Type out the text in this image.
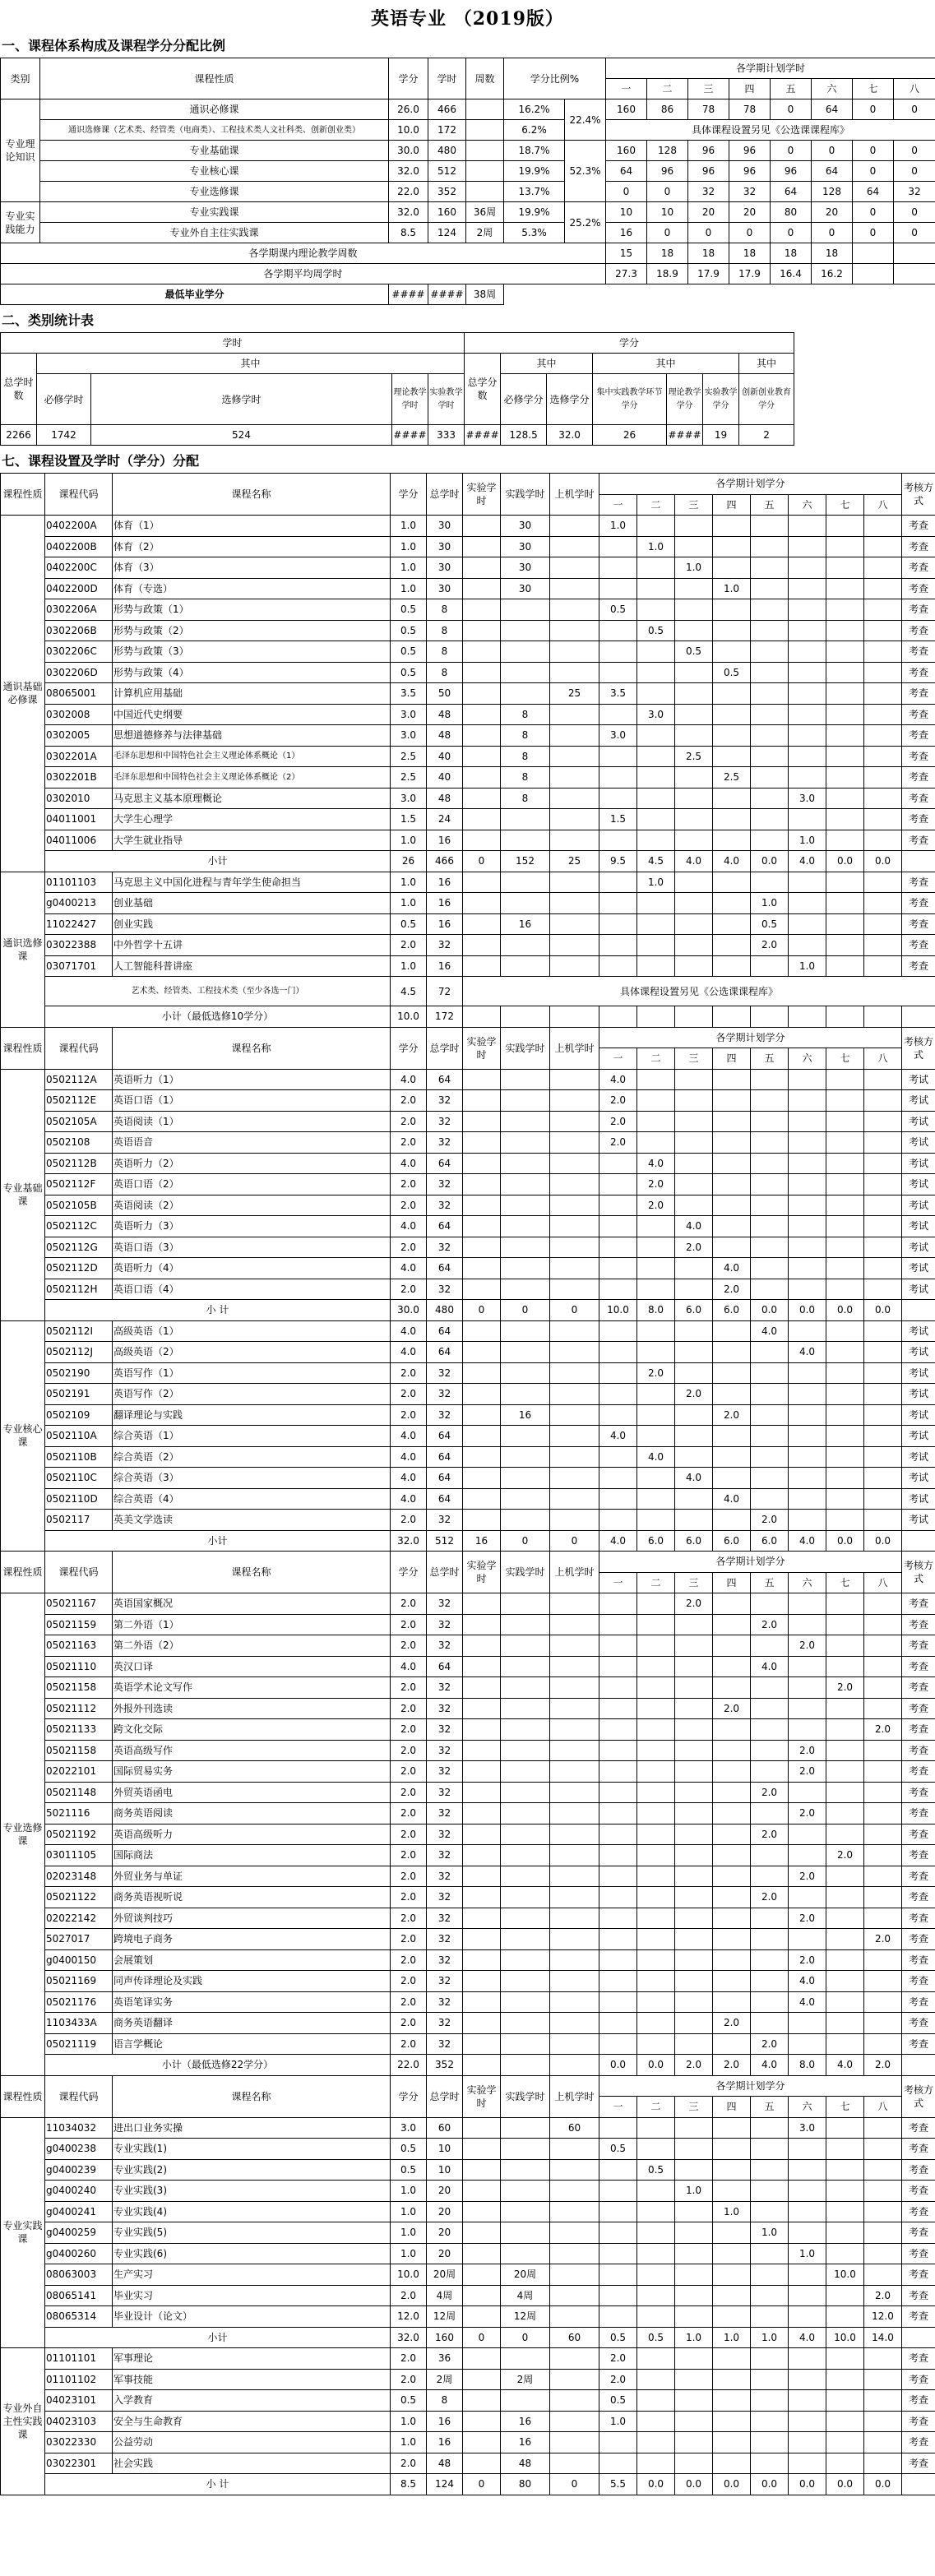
英语专业 （2019版）
一、课程体系构成及课程学分分配比例
类别	课程性质	学分	学时	周数	学分比例%		各学期计划学时							
							一	二	三	四	五	六	七	八
专业理论知识	通识必修课	26.0	466		16.2%	22.4%	160	86	78	78	0	64	0	0
	通识选修课（艺术类、经管类（电商类）、工程技术类人文社科类、创新创业类）	10.0	172		6.2%		具体课程设置另见《公选课课程库》							
	专业基础课	30.0	480		18.7%	52.3%	160	128	96	96	0	0	0	0
	专业核心课	32.0	512		19.9%		64	96	96	96	96	64	0	0
	专业选修课	22.0	352		13.7%		0	0	32	32	64	128	64	32
专业实践能力	专业实践课	32.0	160	36周	19.9%	25.2%	10	10	20	20	80	20	0	0
	专业外自主往实践课	8.5	124	2周	5.3%		16	0	0	0	0	0	0	0
各学期课内理论教学周数							15	18	18	18	18	18		
各学期平均周学时							27.3	18.9	17.9	17.9	16.4	16.2		
最低毕业学分		####	####	38周										
二、类别统计表
学时					学分						
总学时数	其中				总学分数	其中		其中			其中
	必修学时	选修学时	理论教学学时	实验教学学时		必修学分	选修学分	集中实践教学环节学分	理论教学学分	实验教学学分	创新创业教育学分
2266	1742	524	####	333	####	128.5	32.0	26	####	19	2
七、课程设置及学时（学分）分配
课程性质	课程代码	课程名称	学分	总学时	实验学时	实践学时	上机学时	各学期计划学分								考核方式
								一	二	三	四	五	六	七	八	
通识基础必修课	0402200A	体育（1）	1.0	30		30		1.0								考查
	0402200B	体育（2）	1.0	30		30			1.0							考查
	0402200C	体育（3）	1.0	30		30				1.0						考查
	0402200D	体育（专选）	1.0	30		30					1.0					考查
	0302206A	形势与政策（1）	0.5	8				0.5								考查
	0302206B	形势与政策（2）	0.5	8					0.5							考查
	0302206C	形势与政策（3）	0.5	8						0.5						考查
	0302206D	形势与政策（4）	0.5	8							0.5					考查
	08065001	计算机应用基础	3.5	50			25	3.5								考查
	0302008	中国近代史纲要	3.0	48		8			3.0							考查
	0302005	思想道德修养与法律基础	3.0	48		8		3.0								考查
	0302201A	毛泽东思想和中国特色社会主义理论体系概论（1）	2.5	40		8				2.5						考查
	0302201B	毛泽东思想和中国特色社会主义理论体系概论（2）	2.5	40		8					2.5					考查
	0302010	马克思主义基本原理概论	3.0	48		8							3.0			考查
	04011001	大学生心理学	1.5	24				1.5								考查
	04011006	大学生就业指导	1.0	16									1.0			考查
	小计		26	466	0	152	25	9.5	4.5	4.0	4.0	0.0	4.0	0.0	0.0	
通识选修课	01101103	马克思主义中国化进程与青年学生使命担当	1.0	16					1.0							考查
	g0400213	创业基础	1.0	16								1.0				考查
	11022427	创业实践	0.5	16		16						0.5				考查
	03022388	中外哲学十五讲	2.0	32								2.0				考查
	03071701	人工智能科普讲座	1.0	16									1.0			考查
	艺术类、经管类、工程技术类（至少各选一门）		4.5	72	具体课程设置另见《公选课课程库》											
	小计（最低选修10学分）		10.0	172												
课程性质	课程代码	课程名称	学分	总学时	实验学时	实践学时	上机学时	各学期计划学分								考核方式
								一	二	三	四	五	六	七	八	
专业基础课	0502112A	英语听力（1）	4.0	64				4.0								考试
	0502112E	英语口语（1）	2.0	32				2.0								考试
	0502105A	英语阅读（1）	2.0	32				2.0								考试
	0502108	英语语音	2.0	32				2.0								考试
	0502112B	英语听力（2）	4.0	64					4.0							考试
	0502112F	英语口语（2）	2.0	32					2.0							考试
	0502105B	英语阅读（2）	2.0	32					2.0							考试
	0502112C	英语听力（3）	4.0	64						4.0						考试
	0502112G	英语口语（3）	2.0	32						2.0						考试
	0502112D	英语听力（4）	4.0	64							4.0					考试
	0502112H	英语口语（4）	2.0	32							2.0					考试
	小 计		30.0	480	0	0	0	10.0	8.0	6.0	6.0	0.0	0.0	0.0	0.0	
专业核心课	0502112I	高级英语（1）	4.0	64								4.0				考试
	0502112J	高级英语（2）	4.0	64									4.0			考试
	0502190	英语写作（1）	2.0	32					2.0							考试
	0502191	英语写作（2）	2.0	32						2.0						考试
	0502109	翻译理论与实践	2.0	32		16					2.0					考试
	0502110A	综合英语（1）	4.0	64				4.0								考试
	0502110B	综合英语（2）	4.0	64					4.0							考试
	0502110C	综合英语（3）	4.0	64						4.0						考试
	0502110D	综合英语（4）	4.0	64							4.0					考试
	0502117	英美文学选读	2.0	32								2.0				考试
	小计		32.0	512	16	0	0	4.0	6.0	6.0	6.0	6.0	4.0	0.0	0.0	
课程性质	课程代码	课程名称	学分	总学时	实验学时	实践学时	上机学时	各学期计划学分								考核方式
								一	二	三	四	五	六	七	八	
专业选修课	05021167	英语国家概况	2.0	32						2.0						考查
	05021159	第二外语（1）	2.0	32								2.0				考查
	05021163	第二外语（2）	2.0	32									2.0			考查
	05021110	英汉口译	4.0	64								4.0				考查
	05021158	英语学术论文写作	2.0	32										2.0		考查
	05021112	外报外刊选读	2.0	32							2.0					考查
	05021133	跨文化交际	2.0	32											2.0	考查
	05021158	英语高级写作	2.0	32									2.0			考查
	02022101	国际贸易实务	2.0	32									2.0			考查
	05021148	外贸英语函电	2.0	32								2.0				考查
	5021116	商务英语阅读	2.0	32									2.0			考查
	05021192	英语高级听力	2.0	32								2.0				考查
	03011105	国际商法	2.0	32										2.0		考查
	02023148	外贸业务与单证	2.0	32									2.0			考查
	05021122	商务英语视听说	2.0	32								2.0				考查
	02022142	外贸谈判技巧	2.0	32									2.0			考查
	5027017	跨境电子商务	2.0	32											2.0	考查
	g0400150	会展策划	2.0	32									2.0			考查
	05021169	同声传译理论及实践	2.0	32									4.0			考查
	05021176	英语笔译实务	2.0	32									4.0			考查
	1103433A	商务英语翻译	2.0	32							2.0					考查
	05021119	语言学概论	2.0	32								2.0				考查
	小计（最低选修22学分）		22.0	352				0.0	0.0	2.0	2.0	4.0	8.0	4.0	2.0	
课程性质	课程代码	课程名称	学分	总学时	实验学时	实践学时	上机学时	各学期计划学分								考核方式
								一	二	三	四	五	六	七	八	
专业实践课	11034032	进出口业务实操	3.0	60			60						3.0			考查
	g0400238	专业实践(1)	0.5	10				0.5								考查
	g0400239	专业实践(2)	0.5	10					0.5							考查
	g0400240	专业实践(3)	1.0	20						1.0						考查
	g0400241	专业实践(4)	1.0	20							1.0					考查
	g0400259	专业实践(5)	1.0	20								1.0				考查
	g0400260	专业实践(6)	1.0	20									1.0			考查
	08063003	生产实习	10.0	20周		20周								10.0		考查
	08065141	毕业实习	2.0	4周		4周									2.0	考查
	08065314	毕业设计（论文）	12.0	12周		12周									12.0	考查
	小计		32.0	160	0	0	60	0.5	0.5	1.0	1.0	1.0	4.0	10.0	14.0	
专业外自主性实践课	01101101	军事理论	2.0	36				2.0								考查
	01101102	军事技能	2.0	2周		2周		2.0								考查
	04023101	入学教育	0.5	8				0.5								考查
	04023103	安全与生命教育	1.0	16		16		1.0								考查
	03022330	公益劳动	1.0	16		16										考查
	03022301	社会实践	2.0	48		48										考查
	小 计		8.5	124	0	80	0	5.5	0.0	0.0	0.0	0.0	0.0	0.0	0.0	
